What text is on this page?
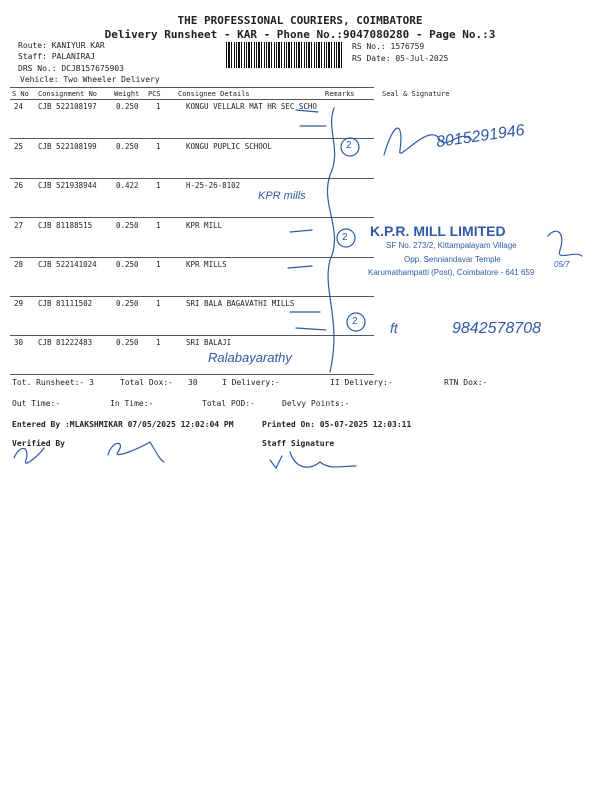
THE PROFESSIONAL COURIERS, COIMBATORE
Delivery Runsheet - KAR - Phone No.:9047080280 - Page No.:3
Route: KANIYUR KAR
Staff: PALANIRAJ
DRS No.: DCJB157675903
Vehicle: Two Wheeler Delivery
RS No.: 1576759
RS Date: 05-Jul-2025
S No Consignment No Weight PCS Consignee Details	Remarks	Seal & Signature
24 CJB 522108197	0.250 1	KONGU VELLALR MAT HR SEC SCHO
25 CJB 522108199	0.250 1	KONGU PUPLIC SCHOOL
26 CJB 521938944	0.422 1	H-25-26-8102
27 CJB 81188515	0.250 1	KPR MILL
28 CJB 522141024	0.250 1	KPR MILLS
29 CJB 81111502	0.250 1	SRI BALA BAGAVATHI MILLS
30 CJB 81222483	0.250 1	SRI BALAJI
Tot. Runsheet:- 3	Total Dox:- 30	I Delivery:-	II Delivery:-	RTN Dox:-
Out Time:-	In Time:-	Total POD:-	Delvy Points:-
Entered By :MLAKSHMIKAR 07/05/2025 12:02:04 PM	Printed On: 05-07-2025 12:03:11
Verified By	Staff Signature
2
2
2
8015291946
KPR mills
9842578708
ft
Ralabayarathy
05/7
K.P.R. MILL LIMITED
SF No. 273/2, Kittampalayam Village
Opp. Senniandavar Temple
Karumathampatti (Post), Coimbatore - 641 659
